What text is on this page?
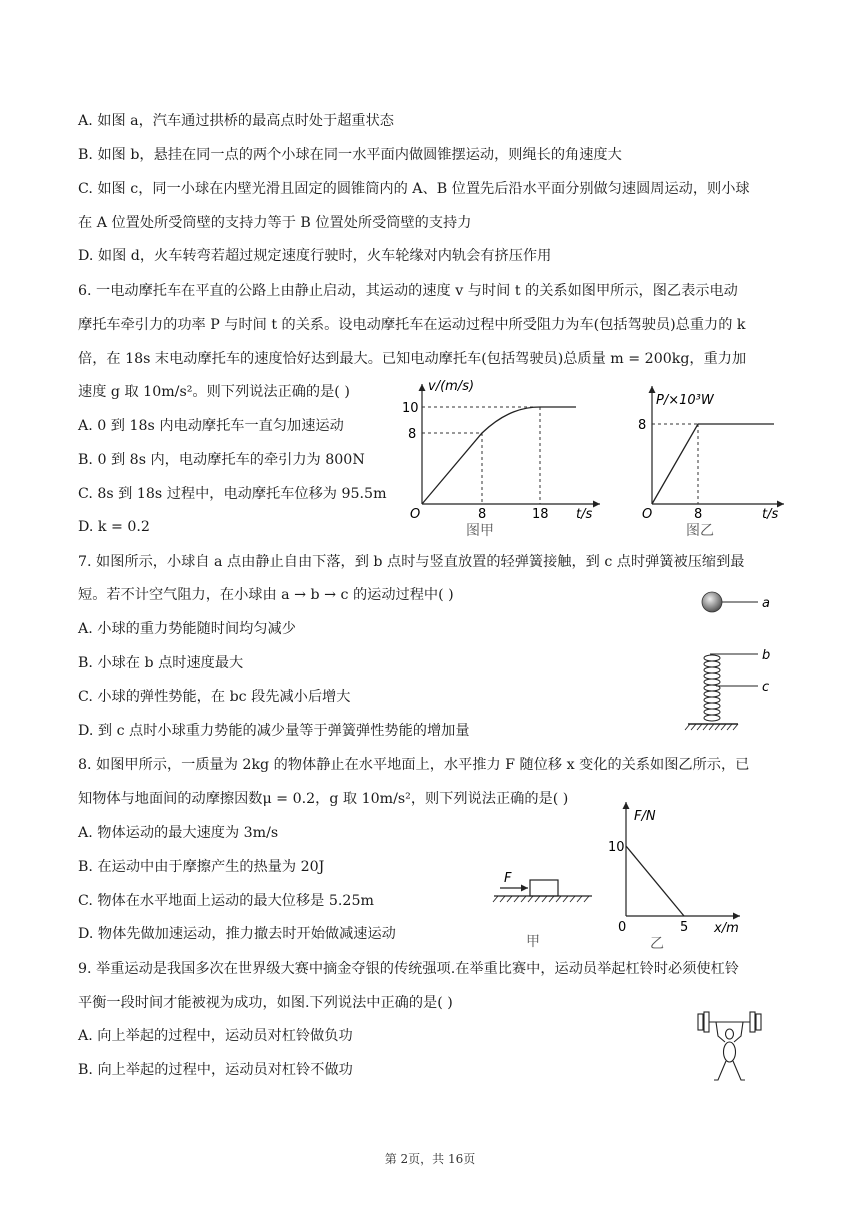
A. 如图 a，汽车通过拱桥的最高点时处于超重状态
B. 如图 b，悬挂在同一点的两个小球在同一水平面内做圆锥摆运动，则绳长的角速度大
C. 如图 c，同一小球在内壁光滑且固定的圆锥筒内的 A、B 位置先后沿水平面分别做匀速圆周运动，则小球
在 A 位置处所受筒壁的支持力等于 B 位置处所受筒壁的支持力
D. 如图 d，火车转弯若超过规定速度行驶时，火车轮缘对内轨会有挤压作用
6. 一电动摩托车在平直的公路上由静止启动，其运动的速度 v 与时间 t 的关系如图甲所示，图乙表示电动
摩托车牵引力的功率 P 与时间 t 的关系。设电动摩托车在运动过程中所受阻力为车(包括驾驶员)总重力的 k
倍，在 18s 末电动摩托车的速度恰好达到最大。已知电动摩托车(包括驾驶员)总质量 m = 200kg，重力加
速度 g 取 10m/s²。则下列说法正确的是( )
A. 0 到 18s 内电动摩托车一直匀加速运动
B. 0 到 8s 内，电动摩托车的牵引力为 800N
C. 8s 到 18s 过程中，电动摩托车位移为 95.5m
D. k = 0.2
7. 如图所示，小球自 a 点由静止自由下落，到 b 点时与竖直放置的轻弹簧接触，到 c 点时弹簧被压缩到最
短。若不计空气阻力，在小球由 a → b → c 的运动过程中( )
A. 小球的重力势能随时间均匀减少
B. 小球在 b 点时速度最大
C. 小球的弹性势能，在 bc 段先减小后增大
D. 到 c 点时小球重力势能的减少量等于弹簧弹性势能的增加量
8. 如图甲所示，一质量为 2kg 的物体静止在水平地面上，水平推力 F 随位移 x 变化的关系如图乙所示，已
知物体与地面间的动摩擦因数μ = 0.2，g 取 10m/s²，则下列说法正确的是( )
A. 物体运动的最大速度为 3m/s
B. 在运动中由于摩擦产生的热量为 20J
C. 物体在水平地面上运动的最大位移是 5.25m
D. 物体先做加速运动，推力撤去时开始做减速运动
9. 举重运动是我国多次在世界级大赛中摘金夺银的传统强项.在举重比赛中，运动员举起杠铃时必须使杠铃
平衡一段时间才能被视为成功，如图.下列说法中正确的是( )
A. 向上举起的过程中，运动员对杠铃做负功
B. 向上举起的过程中，运动员对杠铃不做功
v/(m/s)
10
8
O	8	18 t/s
图甲
P/×10³W
8
O	8	t/s
图乙
a
b
c
F
甲
F/N
10
0	5 x/m
乙
第 2页，共 16页
